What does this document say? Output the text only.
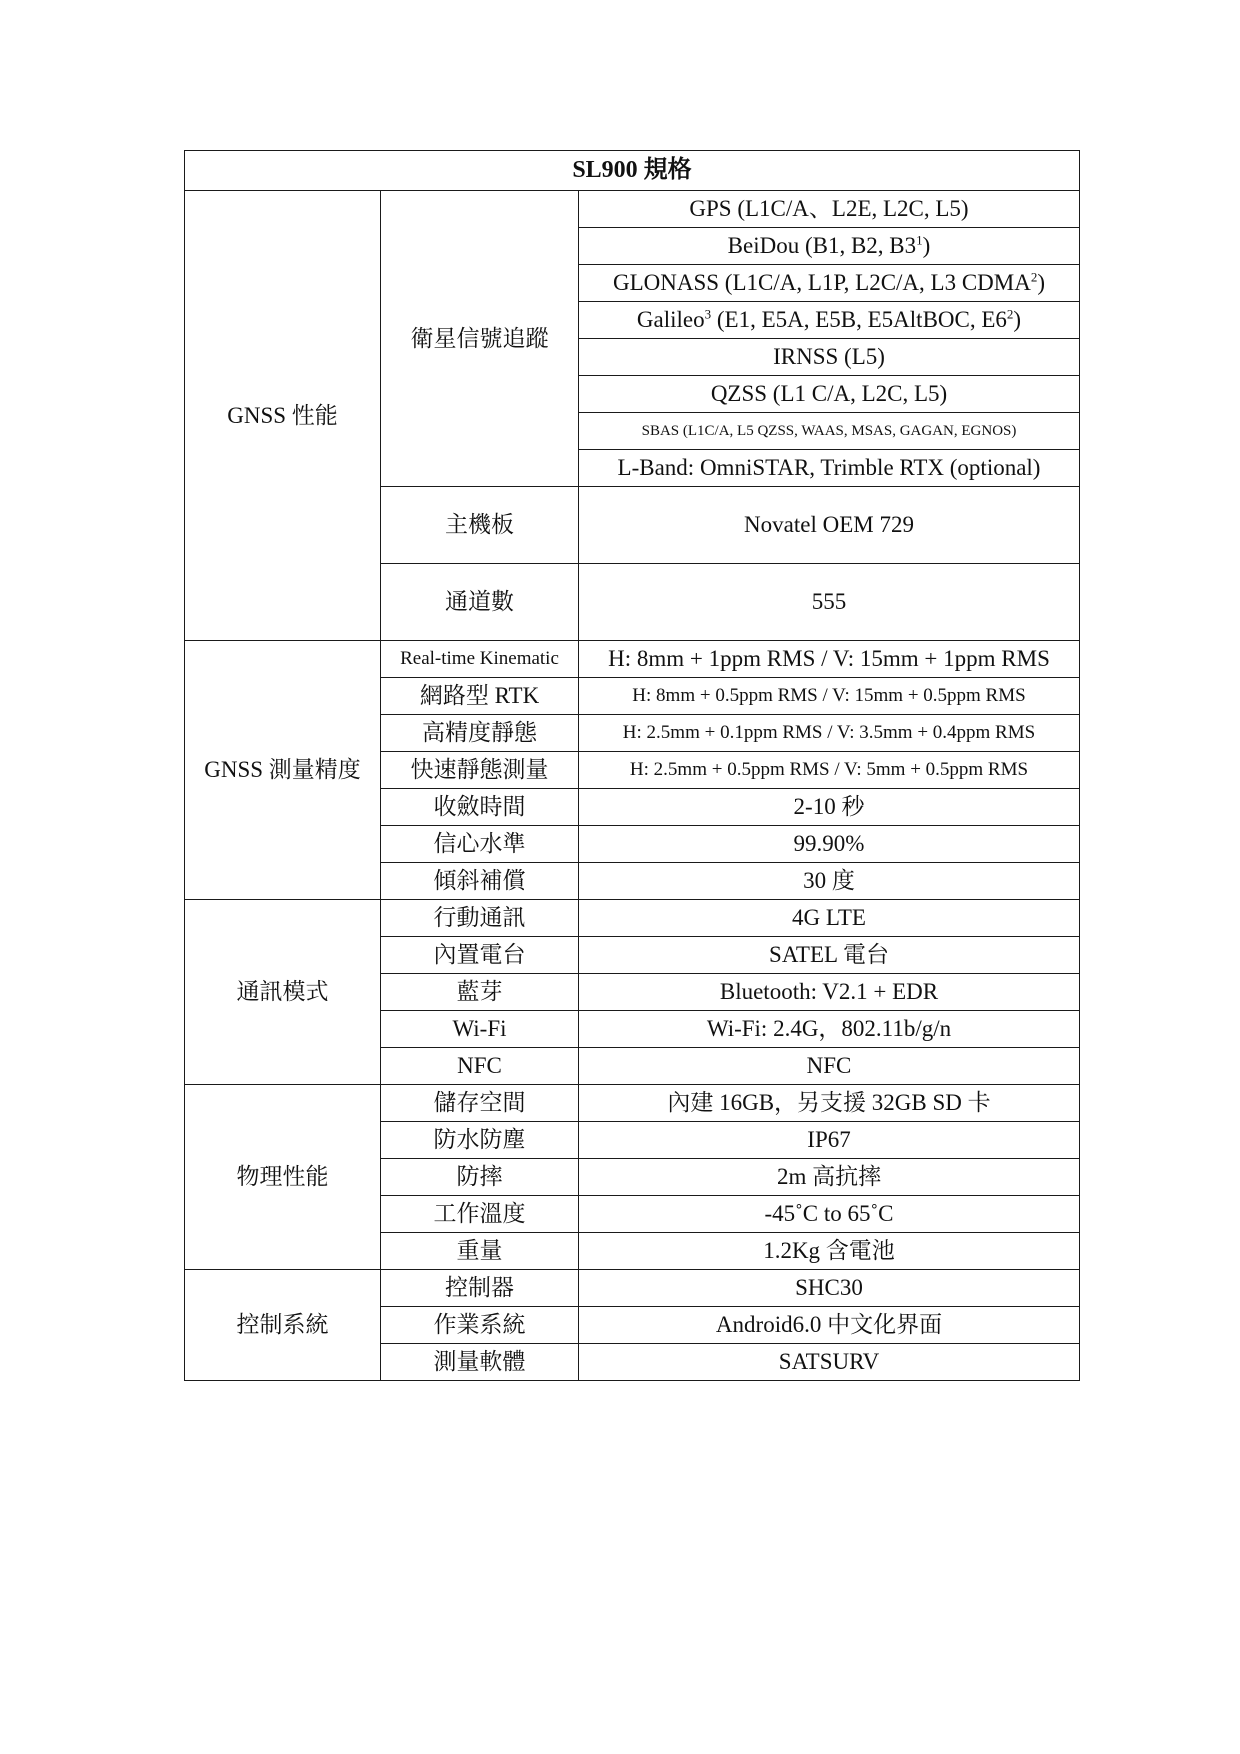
SL900 規格		
GNSS 性能	衛星信號追蹤	GPS (L1C/A、L2E, L2C, L5)
		BeiDou (B1, B2, $B3^1$)
		GLONASS (L1C/A, L1P, L2C/A, L3 CDMA$^2$)
		Galileo$^3$ (E1, E5A, E5B, E5AltBOC, $E6^2$)
		IRNSS (L5)
		QZSS (L1 C/A, L2C, L5)
		SBAS (L1C/A, L5 QZSS, WAAS, MSAS, GAGAN, EGNOS)
		L-Band: OmniSTAR, Trimble RTX (optional)
	主機板	Novatel OEM 729
	通道數	555
GNSS 測量精度	Real-time Kinematic	H: 8mm + 1ppm RMS / V: 15mm + 1ppm RMS
	網路型 RTK	H: 8mm + 0.5ppm RMS / V: 15mm + 0.5ppm RMS
	高精度靜態	H: 2.5mm + 0.1ppm RMS / V: 3.5mm + 0.4ppm RMS
	快速靜態測量	H: 2.5mm + 0.5ppm RMS / V: 5mm + 0.5ppm RMS
	收斂時間	2-10 秒
	信心水準	99.90%
	傾斜補償	30 度
通訊模式	行動通訊	4G LTE
	內置電台	SATEL 電台
	藍芽	Bluetooth: V2.1 + EDR
	Wi-Fi	Wi-Fi: 2.4G，802.11b/g/n
	NFC	NFC
物理性能	儲存空間	內建 16GB，另支援 32GB SD 卡
	防水防塵	IP67
	防摔	2m 高抗摔
	工作溫度	-45˚C to 65˚C
	重量	1.2Kg 含電池
控制系統	控制器	SHC30
	作業系統	Android6.0 中文化界面
	測量軟體	SATSURV
